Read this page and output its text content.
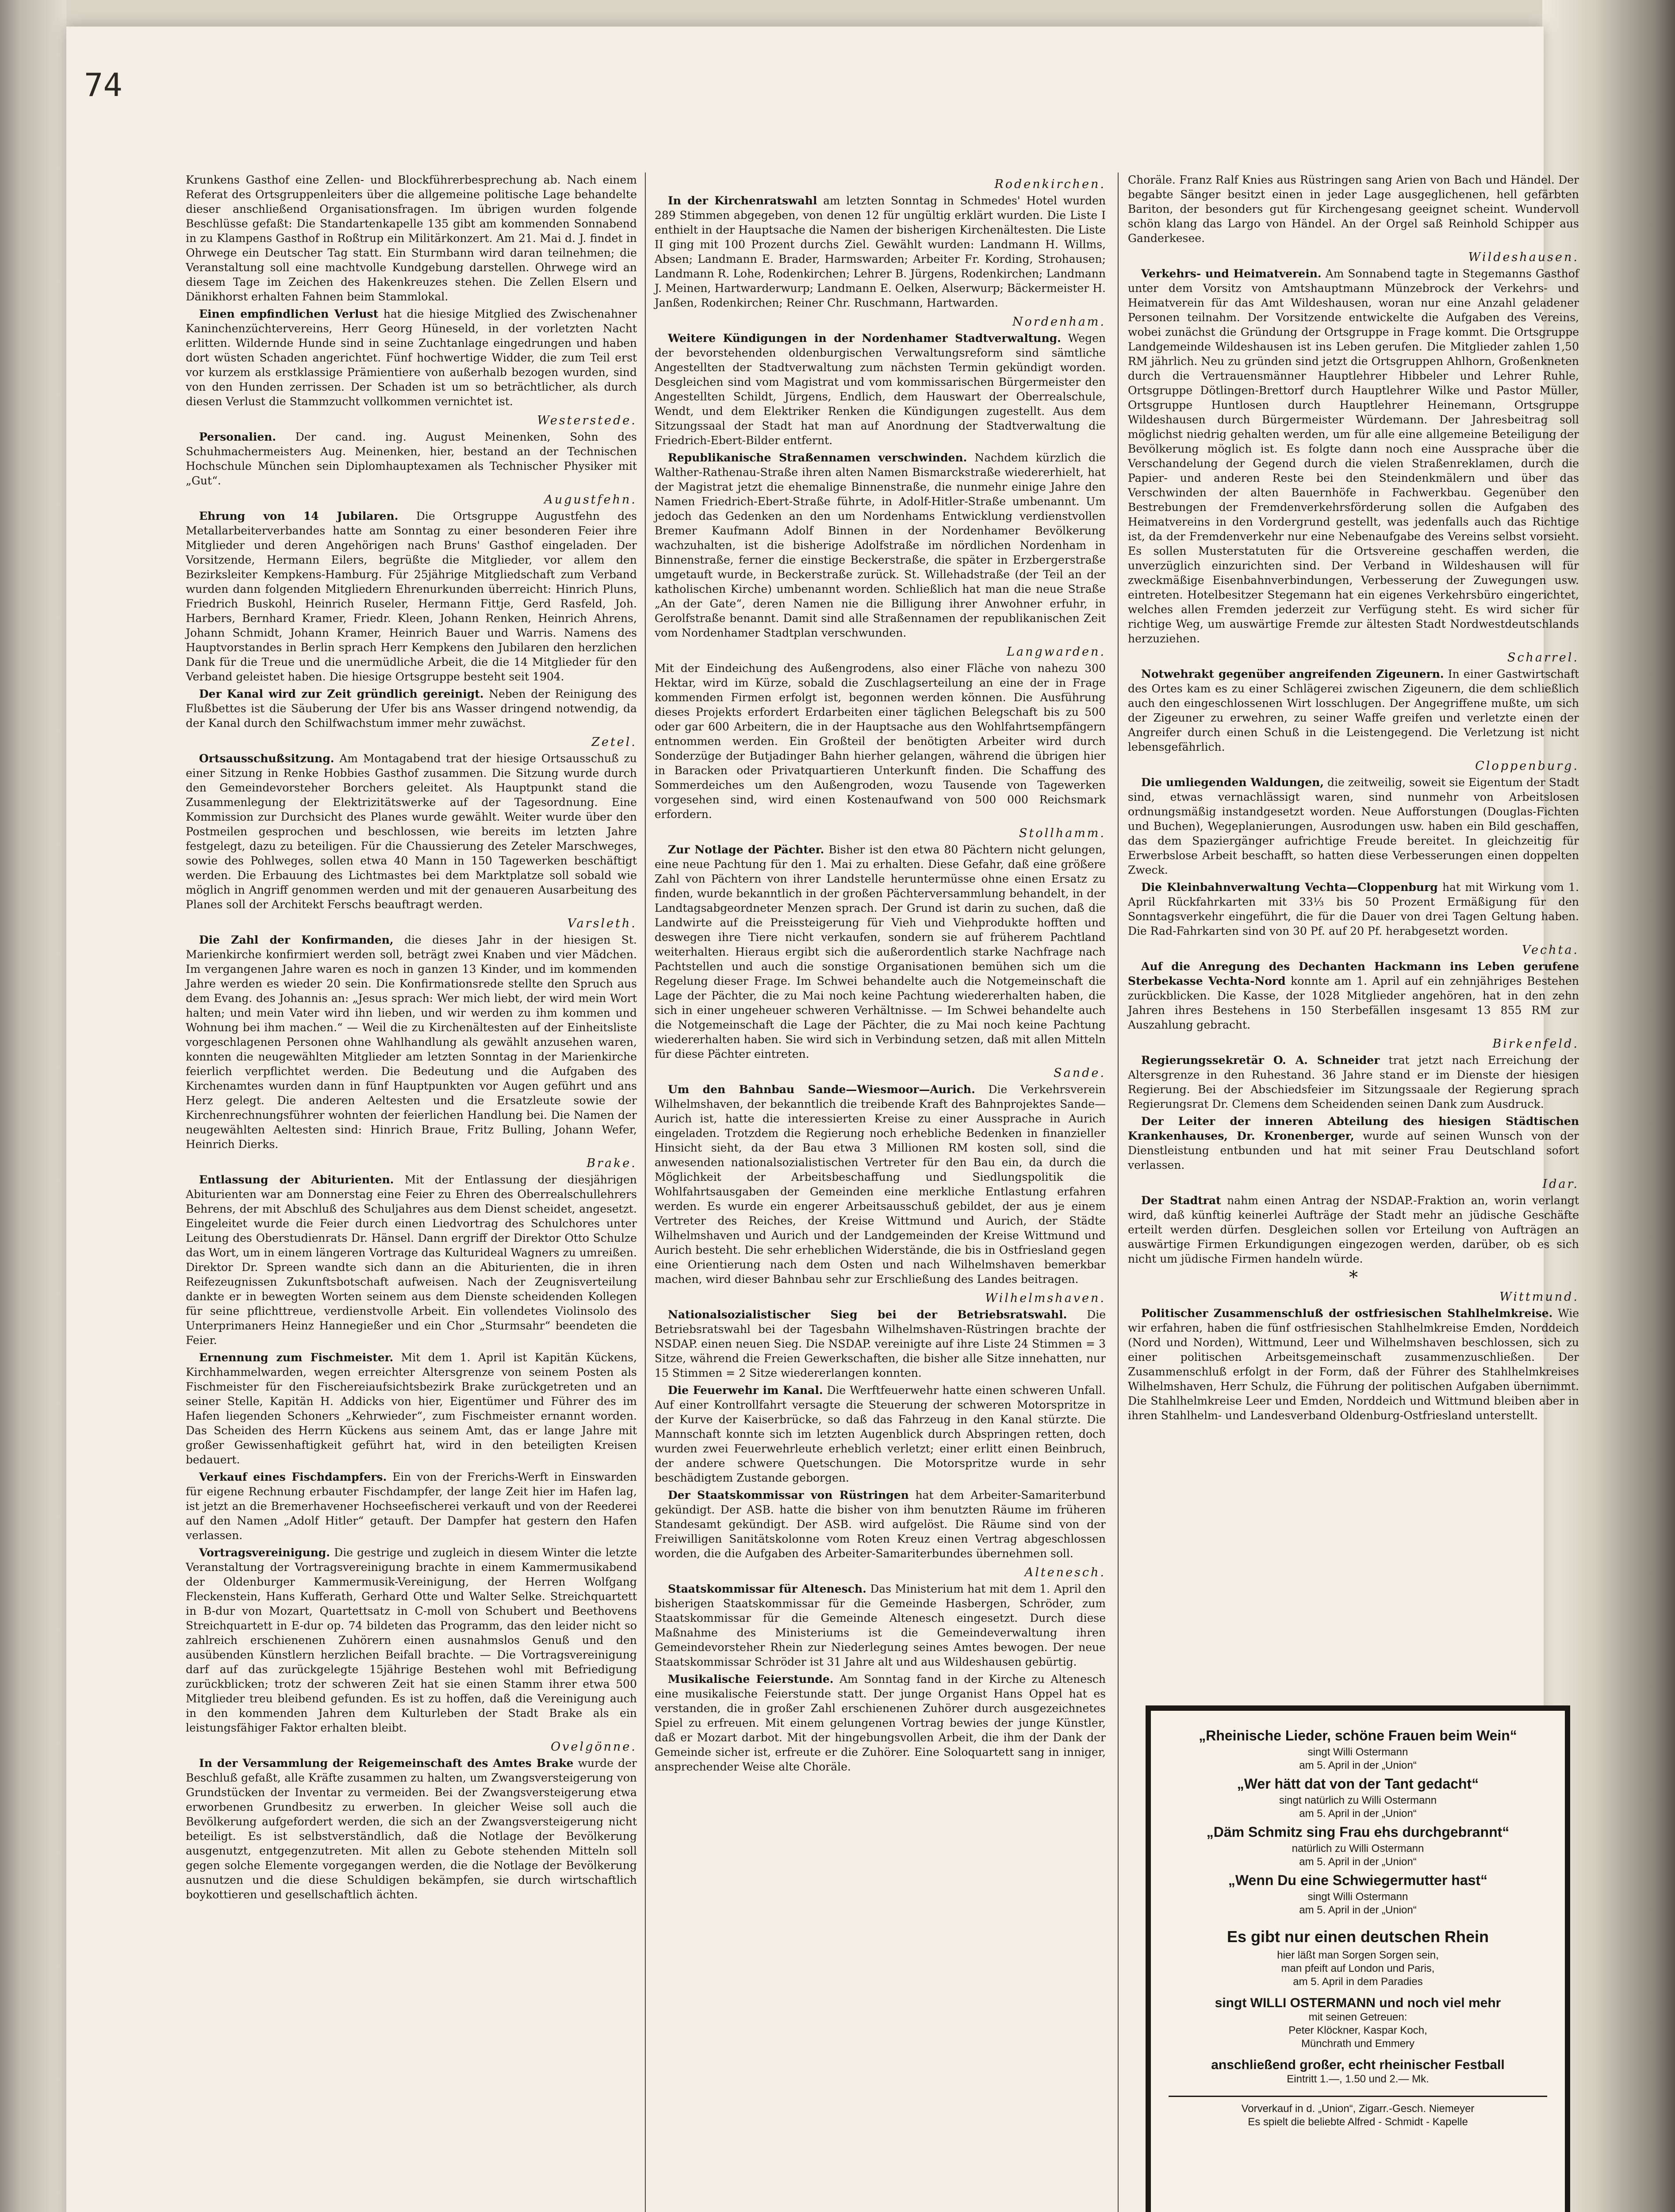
74

Krunkens Gasthof eine Zellen- und Blockführerbesprechung ab. Nach einem Referat des Ortsgruppenleiters über die allgemeine politische Lage behandelte dieser anschließend Organisationsfragen. Im übrigen wurden folgende Beschlüsse gefaßt: Die Standartenkapelle 135 gibt am kommenden Sonnabend in zu Klampens Gasthof in Roßtrup ein Militärkonzert. Am 21. Mai d. J. findet in Ohrwege ein Deutscher Tag statt. Ein Sturmbann wird daran teilnehmen; die Veranstaltung soll eine machtvolle Kundgebung darstellen. Ohrwege wird an diesem Tage im Zeichen des Hakenkreuzes stehen. Die Zellen Elsern und Dänikhorst erhalten Fahnen beim Stammlokal.

Einen empfindlichen Verlust hat die hiesige Mitglied des Zwischenahner Kaninchenzüchtervereins, Herr Georg Hüneseld, in der vorletzten Nacht erlitten. Wildernde Hunde sind in seine Zuchtanlage eingedrungen und haben dort wüsten Schaden angerichtet. Fünf hochwertige Widder, die zum Teil erst vor kurzem als erstklassige Prämientiere von außerhalb bezogen wurden, sind von den Hunden zerrissen. Der Schaden ist um so beträchtlicher, als durch diesen Verlust die Stammzucht vollkommen vernichtet ist.

Westerstede.

Personalien. Der cand. ing. August Meinenken, Sohn des Schuhmachermeisters Aug. Meinenken, hier, bestand an der Technischen Hochschule München sein Diplomhauptexamen als Technischer Physiker mit „Gut“.

Augustfehn.

Ehrung von 14 Jubilaren. Die Ortsgruppe Augustfehn des Metallarbeiterverbandes hatte am Sonntag zu einer besonderen Feier ihre Mitglieder und deren Angehörigen nach Bruns' Gasthof eingeladen. Der Vorsitzende, Hermann Eilers, begrüßte die Mitglieder, vor allem den Bezirksleiter Kempkens-Hamburg. Für 25jährige Mitgliedschaft zum Verband wurden dann folgenden Mitgliedern Ehrenurkunden überreicht: Hinrich Pluns, Friedrich Buskohl, Heinrich Ruseler, Hermann Fittje, Gerd Rasfeld, Joh. Harbers, Bernhard Kramer, Friedr. Kleen, Johann Renken, Heinrich Ahrens, Johann Schmidt, Johann Kramer, Heinrich Bauer und Warris. Namens des Hauptvorstandes in Berlin sprach Herr Kempkens den Jubilaren den herzlichen Dank für die Treue und die unermüdliche Arbeit, die die 14 Mitglieder für den Verband geleistet haben. Die hiesige Ortsgruppe besteht seit 1904.

Der Kanal wird zur Zeit gründlich gereinigt. Neben der Reinigung des Flußbettes ist die Säuberung der Ufer bis ans Wasser dringend notwendig, da der Kanal durch den Schilfwachstum immer mehr zuwächst.

Zetel.

Ortsausschußsitzung. Am Montagabend trat der hiesige Ortsausschuß zu einer Sitzung in Renke Hobbies Gasthof zusammen. Die Sitzung wurde durch den Gemeindevorsteher Borchers geleitet. Als Hauptpunkt stand die Zusammenlegung der Elektrizitätswerke auf der Tagesordnung. Eine Kommission zur Durchsicht des Planes wurde gewählt. Weiter wurde über den Postmeilen gesprochen und beschlossen, wie bereits im letzten Jahre festgelegt, dazu zu beteiligen. Für die Chaussierung des Zeteler Marschweges, sowie des Pohlweges, sollen etwa 40 Mann in 150 Tagewerken beschäftigt werden. Die Erbauung des Lichtmastes bei dem Marktplatze soll sobald wie möglich in Angriff genommen werden und mit der genaueren Ausarbeitung des Planes soll der Architekt Ferschs beauftragt werden.

Varsleth.

Die Zahl der Konfirmanden, die dieses Jahr in der hiesigen St. Marienkirche konfirmiert werden soll, beträgt zwei Knaben und vier Mädchen. Im vergangenen Jahre waren es noch in ganzen 13 Kinder, und im kommenden Jahre werden es wieder 20 sein. Die Konfirmationsrede stellte den Spruch aus dem Evang. des Johannis an: „Jesus sprach: Wer mich liebt, der wird mein Wort halten; und mein Vater wird ihn lieben, und wir werden zu ihm kommen und Wohnung bei ihm machen.“ — Weil die zu Kirchenältesten auf der Einheitsliste vorgeschlagenen Personen ohne Wahlhandlung als gewählt anzusehen waren, konnten die neugewählten Mitglieder am letzten Sonntag in der Marienkirche feierlich verpflichtet werden. Die Bedeutung und die Aufgaben des Kirchenamtes wurden dann in fünf Hauptpunkten vor Augen geführt und ans Herz gelegt. Die anderen Aeltesten und die Ersatzleute sowie der Kirchenrechnungsführer wohnten der feierlichen Handlung bei. Die Namen der neugewählten Aeltesten sind: Hinrich Braue, Fritz Bulling, Johann Wefer, Heinrich Dierks.

Brake.

Entlassung der Abiturienten. Mit der Entlassung der diesjährigen Abiturienten war am Donnerstag eine Feier zu Ehren des Oberrealschullehrers Behrens, der mit Abschluß des Schuljahres aus dem Dienst scheidet, angesetzt. Eingeleitet wurde die Feier durch einen Liedvortrag des Schulchores unter Leitung des Oberstudienrats Dr. Hänsel. Dann ergriff der Direktor Otto Schulze das Wort, um in einem längeren Vortrage das Kulturideal Wagners zu umreißen. Direktor Dr. Spreen wandte sich dann an die Abiturienten, die in ihren Reifezeugnissen Zukunftsbotschaft aufweisen. Nach der Zeugnisverteilung dankte er in bewegten Worten seinem aus dem Dienste scheidenden Kollegen für seine pflichttreue, verdienstvolle Arbeit. Ein vollendetes Violinsolo des Unterprimaners Heinz Hannegießer und ein Chor „Sturmsahr“ beendeten die Feier.

Ernennung zum Fischmeister. Mit dem 1. April ist Kapitän Kückens, Kirchhammelwarden, wegen erreichter Altersgrenze von seinem Posten als Fischmeister für den Fischereiaufsichtsbezirk Brake zurückgetreten und an seiner Stelle, Kapitän H. Addicks von hier, Eigentümer und Führer des im Hafen liegenden Schoners „Kehrwieder“, zum Fischmeister ernannt worden. Das Scheiden des Herrn Kückens aus seinem Amt, das er lange Jahre mit großer Gewissenhaftigkeit geführt hat, wird in den beteiligten Kreisen bedauert.

Verkauf eines Fischdampfers. Ein von der Frerichs-Werft in Einswarden für eigene Rechnung erbauter Fischdampfer, der lange Zeit hier im Hafen lag, ist jetzt an die Bremerhavener Hochseefischerei verkauft und von der Reederei auf den Namen „Adolf Hitler“ getauft. Der Dampfer hat gestern den Hafen verlassen.

Vortragsvereinigung. Die gestrige und zugleich in diesem Winter die letzte Veranstaltung der Vortragsvereinigung brachte in einem Kammermusikabend der Oldenburger Kammermusik-Vereinigung, der Herren Wolfgang Fleckenstein, Hans Kufferath, Gerhard Otte und Walter Selke. Streichquartett in B-dur von Mozart, Quartettsatz in C-moll von Schubert und Beethovens Streichquartett in E-dur op. 74 bildeten das Programm, das den leider nicht so zahlreich erschienenen Zuhörern einen ausnahmslos Genuß und den ausübenden Künstlern herzlichen Beifall brachte. — Die Vortragsvereinigung darf auf das zurückgelegte 15jährige Bestehen wohl mit Befriedigung zurückblicken; trotz der schweren Zeit hat sie einen Stamm ihrer etwa 500 Mitglieder treu bleibend gefunden. Es ist zu hoffen, daß die Vereinigung auch in den kommenden Jahren dem Kulturleben der Stadt Brake als ein leistungsfähiger Faktor erhalten bleibt.

Ovelgönne.

In der Versammlung der Reigemeinschaft des Amtes Brake wurde der Beschluß gefaßt, alle Kräfte zusammen zu halten, um Zwangsversteigerung von Grundstücken der Inventar zu vermeiden. Bei der Zwangsversteigerung etwa erworbenen Grundbesitz zu erwerben. In gleicher Weise soll auch die Bevölkerung aufgefordert werden, die sich an der Zwangsversteigerung nicht beteiligt. Es ist selbstverständlich, daß die Notlage der Bevölkerung ausgenutzt, entgegenzutreten. Mit allen zu Gebote stehenden Mitteln soll gegen solche Elemente vorgegangen werden, die die Notlage der Bevölkerung ausnutzen und die diese Schuldigen bekämpfen, sie durch wirtschaftlich boykottieren und gesellschaftlich ächten.

Rodenkirchen.

In der Kirchenratswahl am letzten Sonntag in Schmedes' Hotel wurden 289 Stimmen abgegeben, von denen 12 für ungültig erklärt wurden. Die Liste I enthielt in der Hauptsache die Namen der bisherigen Kirchenältesten. Die Liste II ging mit 100 Prozent durchs Ziel. Gewählt wurden: Landmann H. Willms, Absen; Landmann E. Brader, Harmswarden; Arbeiter Fr. Kording, Strohausen; Landmann R. Lohe, Rodenkirchen; Lehrer B. Jürgens, Rodenkirchen; Landmann J. Meinen, Hartwarderwurp; Landmann E. Oelken, Alserwurp; Bäckermeister H. Janßen, Rodenkirchen; Reiner Chr. Ruschmann, Hartwarden.

Nordenham.

Weitere Kündigungen in der Nordenhamer Stadtverwaltung. Wegen der bevorstehenden oldenburgischen Verwaltungsreform sind sämtliche Angestellten der Stadtverwaltung zum nächsten Termin gekündigt worden. Desgleichen sind vom Magistrat und vom kommissarischen Bürgermeister den Angestellten Schildt, Jürgens, Endlich, dem Hauswart der Oberrealschule, Wendt, und dem Elektriker Renken die Kündigungen zugestellt. Aus dem Sitzungssaal der Stadt hat man auf Anordnung der Stadtverwaltung die Friedrich-Ebert-Bilder entfernt.

Republikanische Straßennamen verschwinden. Nachdem kürzlich die Walther-Rathenau-Straße ihren alten Namen Bismarckstraße wiedererhielt, hat der Magistrat jetzt die ehemalige Binnenstraße, die nunmehr einige Jahre den Namen Friedrich-Ebert-Straße führte, in Adolf-Hitler-Straße umbenannt. Um jedoch das Gedenken an den um Nordenhams Entwicklung verdienstvollen Bremer Kaufmann Adolf Binnen in der Nordenhamer Bevölkerung wachzuhalten, ist die bisherige Adolfstraße im nördlichen Nordenham in Binnenstraße, ferner die einstige Beckerstraße, die später in Erzbergerstraße umgetauft wurde, in Beckerstraße zurück. St. Willehadstraße (der Teil an der katholischen Kirche) umbenannt worden. Schließlich hat man die neue Straße „An der Gate“, deren Namen nie die Billigung ihrer Anwohner erfuhr, in Gerolfstraße benannt. Damit sind alle Straßennamen der republikanischen Zeit vom Nordenhamer Stadtplan verschwunden.

Langwarden.

Mit der Eindeichung des Außengrodens, also einer Fläche von nahezu 300 Hektar, wird im Kürze, sobald die Zuschlagserteilung an eine der in Frage kommenden Firmen erfolgt ist, begonnen werden können. Die Ausführung dieses Projekts erfordert Erdarbeiten einer täglichen Belegschaft bis zu 500 oder gar 600 Arbeitern, die in der Hauptsache aus den Wohlfahrtsempfängern entnommen werden. Ein Großteil der benötigten Arbeiter wird durch Sonderzüge der Butjadinger Bahn hierher gelangen, während die übrigen hier in Baracken oder Privatquartieren Unterkunft finden. Die Schaffung des Sommerdeiches um den Außengroden, wozu Tausende von Tagewerken vorgesehen sind, wird einen Kostenaufwand von 500 000 Reichsmark erfordern.

Stollhamm.

Zur Notlage der Pächter. Bisher ist den etwa 80 Pächtern nicht gelungen, eine neue Pachtung für den 1. Mai zu erhalten. Diese Gefahr, daß eine größere Zahl von Pächtern von ihrer Landstelle heruntermüsse ohne einen Ersatz zu finden, wurde bekanntlich in der großen Pächterversammlung behandelt, in der Landtagsabgeordneter Menzen sprach. Der Grund ist darin zu suchen, daß die Landwirte auf die Preissteigerung für Vieh und Viehprodukte hofften und deswegen ihre Tiere nicht verkaufen, sondern sie auf früherem Pachtland weiterhalten. Hieraus ergibt sich die außerordentlich starke Nachfrage nach Pachtstellen und auch die sonstige Organisationen bemühen sich um die Regelung dieser Frage. Im Schwei behandelte auch die Notgemeinschaft die Lage der Pächter, die zu Mai noch keine Pachtung wiedererhalten haben, die sich in einer ungeheuer schweren Verhältnisse. — Im Schwei behandelte auch die Notgemeinschaft die Lage der Pächter, die zu Mai noch keine Pachtung wiedererhalten haben. Sie wird sich in Verbindung setzen, daß mit allen Mitteln für diese Pächter eintreten.

Sande.

Um den Bahnbau Sande—Wiesmoor—Aurich. Die Verkehrsverein Wilhelmshaven, der bekanntlich die treibende Kraft des Bahnprojektes Sande—Aurich ist, hatte die interessierten Kreise zu einer Aussprache in Aurich eingeladen. Trotzdem die Regierung noch erhebliche Bedenken in finanzieller Hinsicht sieht, da der Bau etwa 3 Millionen RM kosten soll, sind die anwesenden nationalsozialistischen Vertreter für den Bau ein, da durch die Möglichkeit der Arbeitsbeschaffung und Siedlungspolitik die Wohlfahrtsausgaben der Gemeinden eine merkliche Entlastung erfahren werden. Es wurde ein engerer Arbeitsausschuß gebildet, der aus je einem Vertreter des Reiches, der Kreise Wittmund und Aurich, der Städte Wilhelmshaven und Aurich und der Landgemeinden der Kreise Wittmund und Aurich besteht. Die sehr erheblichen Widerstände, die bis in Ostfriesland gegen eine Orientierung nach dem Osten und nach Wilhelmshaven bemerkbar machen, wird dieser Bahnbau sehr zur Erschließung des Landes beitragen.

Wilhelmshaven.

Nationalsozialistischer Sieg bei der Betriebsratswahl. Die Betriebsratswahl bei der Tagesbahn Wilhelmshaven-Rüstringen brachte der NSDAP. einen neuen Sieg. Die NSDAP. vereinigte auf ihre Liste 24 Stimmen = 3 Sitze, während die Freien Gewerkschaften, die bisher alle Sitze innehatten, nur 15 Stimmen = 2 Sitze wiedererlangen konnten.

Die Feuerwehr im Kanal. Die Werftfeuerwehr hatte einen schweren Unfall. Auf einer Kontrollfahrt versagte die Steuerung der schweren Motorspritze in der Kurve der Kaiserbrücke, so daß das Fahrzeug in den Kanal stürzte. Die Mannschaft konnte sich im letzten Augenblick durch Abspringen retten, doch wurden zwei Feuerwehrleute erheblich verletzt; einer erlitt einen Beinbruch, der andere schwere Quetschungen. Die Motorspritze wurde in sehr beschädigtem Zustande geborgen.

Der Staatskommissar von Rüstringen hat dem Arbeiter-Samariterbund gekündigt. Der ASB. hatte die bisher von ihm benutzten Räume im früheren Standesamt gekündigt. Der ASB. wird aufgelöst. Die Räume sind von der Freiwilligen Sanitätskolonne vom Roten Kreuz einen Vertrag abgeschlossen worden, die die Aufgaben des Arbeiter-Samariterbundes übernehmen soll.

Altenesch.

Staatskommissar für Altenesch. Das Ministerium hat mit dem 1. April den bisherigen Staatskommissar für die Gemeinde Hasbergen, Schröder, zum Staatskommissar für die Gemeinde Altenesch eingesetzt. Durch diese Maßnahme des Ministeriums ist die Gemeindeverwaltung ihren Gemeindevorsteher Rhein zur Niederlegung seines Amtes bewogen. Der neue Staatskommissar Schröder ist 31 Jahre alt und aus Wildeshausen gebürtig.

Musikalische Feierstunde. Am Sonntag fand in der Kirche zu Altenesch eine musikalische Feierstunde statt. Der junge Organist Hans Oppel hat es verstanden, die in großer Zahl erschienenen Zuhörer durch ausgezeichnetes Spiel zu erfreuen. Mit einem gelungenen Vortrag bewies der junge Künstler, daß er Mozart darbot. Mit der hingebungsvollen Arbeit, die ihm der Dank der Gemeinde sicher ist, erfreute er die Zuhörer. Eine Soloquartett sang in inniger, ansprechender Weise alte Choräle.

Choräle. Franz Ralf Knies aus Rüstringen sang Arien von Bach und Händel. Der begabte Sänger besitzt einen in jeder Lage ausgeglichenen, hell gefärbten Bariton, der besonders gut für Kirchengesang geeignet scheint. Wundervoll schön klang das Largo von Händel. An der Orgel saß Reinhold Schipper aus Ganderkesee.

Wildeshausen.

Verkehrs- und Heimatverein. Am Sonnabend tagte in Stegemanns Gasthof unter dem Vorsitz von Amtshauptmann Münzebrock der Verkehrs- und Heimatverein für das Amt Wildeshausen, woran nur eine Anzahl geladener Personen teilnahm. Der Vorsitzende entwickelte die Aufgaben des Vereins, wobei zunächst die Gründung der Ortsgruppe in Frage kommt. Die Ortsgruppe Landgemeinde Wildeshausen ist ins Leben gerufen. Die Mitglieder zahlen 1,50 RM jährlich. Neu zu gründen sind jetzt die Ortsgruppen Ahlhorn, Großenkneten durch die Vertrauensmänner Hauptlehrer Hibbeler und Lehrer Ruhle, Ortsgruppe Dötlingen-Brettorf durch Hauptlehrer Wilke und Pastor Müller, Ortsgruppe Huntlosen durch Hauptlehrer Heinemann, Ortsgruppe Wildeshausen durch Bürgermeister Würdemann. Der Jahresbeitrag soll möglichst niedrig gehalten werden, um für alle eine allgemeine Beteiligung der Bevölkerung möglich ist. Es folgte dann noch eine Aussprache über die Verschandelung der Gegend durch die vielen Straßenreklamen, durch die Papier- und anderen Reste bei den Steindenkmälern und über das Verschwinden der alten Bauernhöfe in Fachwerkbau. Gegenüber den Bestrebungen der Fremdenverkehrsförderung sollen die Aufgaben des Heimatvereins in den Vordergrund gestellt, was jedenfalls auch das Richtige ist, da der Fremdenverkehr nur eine Nebenaufgabe des Vereins selbst vorsieht. Es sollen Musterstatuten für die Ortsvereine geschaffen werden, die unverzüglich einzurichten sind. Der Verband in Wildeshausen will für zweckmäßige Eisenbahnverbindungen, Verbesserung der Zuwegungen usw. eintreten. Hotelbesitzer Stegemann hat ein eigenes Verkehrsbüro eingerichtet, welches allen Fremden jederzeit zur Verfügung steht. Es wird sicher für richtige Weg, um auswärtige Fremde zur ältesten Stadt Nordwestdeutschlands herzuziehen.

Scharrel.

Notwehrakt gegenüber angreifenden Zigeunern. In einer Gastwirtschaft des Ortes kam es zu einer Schlägerei zwischen Zigeunern, die dem schließlich auch den eingeschlossenen Wirt losschlugen. Der Angegriffene mußte, um sich der Zigeuner zu erwehren, zu seiner Waffe greifen und verletzte einen der Angreifer durch einen Schuß in die Leistengegend. Die Verletzung ist nicht lebensgefährlich.

Cloppenburg.

Die umliegenden Waldungen, die zeitweilig, soweit sie Eigentum der Stadt sind, etwas vernachlässigt waren, sind nunmehr von Arbeitslosen ordnungsmäßig instandgesetzt worden. Neue Aufforstungen (Douglas-Fichten und Buchen), Wegeplanierungen, Ausrodungen usw. haben ein Bild geschaffen, das dem Spaziergänger aufrichtige Freude bereitet. In gleichzeitig für Erwerbslose Arbeit beschafft, so hatten diese Verbesserungen einen doppelten Zweck.

Die Kleinbahnverwaltung Vechta—Cloppenburg hat mit Wirkung vom 1. April Rückfahrkarten mit 33⅓ bis 50 Prozent Ermäßigung für den Sonntagsverkehr eingeführt, die für die Dauer von drei Tagen Geltung haben. Die Rad-Fahrkarten sind von 30 Pf. auf 20 Pf. herabgesetzt worden.

Vechta.

Auf die Anregung des Dechanten Hackmann ins Leben gerufene Sterbekasse Vechta-Nord konnte am 1. April auf ein zehnjähriges Bestehen zurückblicken. Die Kasse, der 1028 Mitglieder angehören, hat in den zehn Jahren ihres Bestehens in 150 Sterbefällen insgesamt 13 855 RM zur Auszahlung gebracht.

Birkenfeld.

Regierungssekretär O. A. Schneider trat jetzt nach Erreichung der Altersgrenze in den Ruhestand. 36 Jahre stand er im Dienste der hiesigen Regierung. Bei der Abschiedsfeier im Sitzungssaale der Regierung sprach Regierungsrat Dr. Clemens dem Scheidenden seinen Dank zum Ausdruck.

Der Leiter der inneren Abteilung des hiesigen Städtischen Krankenhauses, Dr. Kronenberger, wurde auf seinen Wunsch von der Dienstleistung entbunden und hat mit seiner Frau Deutschland sofort verlassen.

Idar.

Der Stadtrat nahm einen Antrag der NSDAP.-Fraktion an, worin verlangt wird, daß künftig keinerlei Aufträge der Stadt mehr an jüdische Geschäfte erteilt werden dürfen. Desgleichen sollen vor Erteilung von Aufträgen an auswärtige Firmen Erkundigungen eingezogen werden, darüber, ob es sich nicht um jüdische Firmen handeln würde.

*
Wittmund.

Politischer Zusammenschluß der ostfriesischen Stahlhelmkreise. Wie wir erfahren, haben die fünf ostfriesischen Stahlhelmkreise Emden, Norddeich (Nord und Norden), Wittmund, Leer und Wilhelmshaven beschlossen, sich zu einer politischen Arbeitsgemeinschaft zusammenzuschließen. Der Zusammenschluß erfolgt in der Form, daß der Führer des Stahlhelmkreises Wilhelmshaven, Herr Schulz, die Führung der politischen Aufgaben übernimmt. Die Stahlhelmkreise Leer und Emden, Norddeich und Wittmund bleiben aber in ihren Stahlhelm- und Landesverband Oldenburg-Ostfriesland unterstellt.

„Rheinische Lieder, schöne Frauen beim Wein“
singt Willi Ostermann
am 5. April in der „Union“
„Wer hätt dat von der Tant gedacht“
singt natürlich zu Willi Ostermann
am 5. April in der „Union“
„Däm Schmitz sing Frau ehs durchgebrannt“
natürlich zu Willi Ostermann
am 5. April in der „Union“
„Wenn Du eine Schwiegermutter hast“
singt Willi Ostermann
am 5. April in der „Union“
Es gibt nur einen deutschen Rhein
hier läßt man Sorgen Sorgen sein,
man pfeift auf London und Paris,
am 5. April in dem Paradies
singt WILLI OSTERMANN und noch viel mehr
mit seinen Getreuen:
Peter Klöckner, Kaspar Koch,
Münchrath und Emmery
anschließend großer, echt rheinischer Festball
Eintritt 1.—, 1.50 und 2.— Mk.
Vorverkauf in d. „Union“, Zigarr.-Gesch. Niemeyer
Es spielt die beliebte Alfred - Schmidt - Kapelle
